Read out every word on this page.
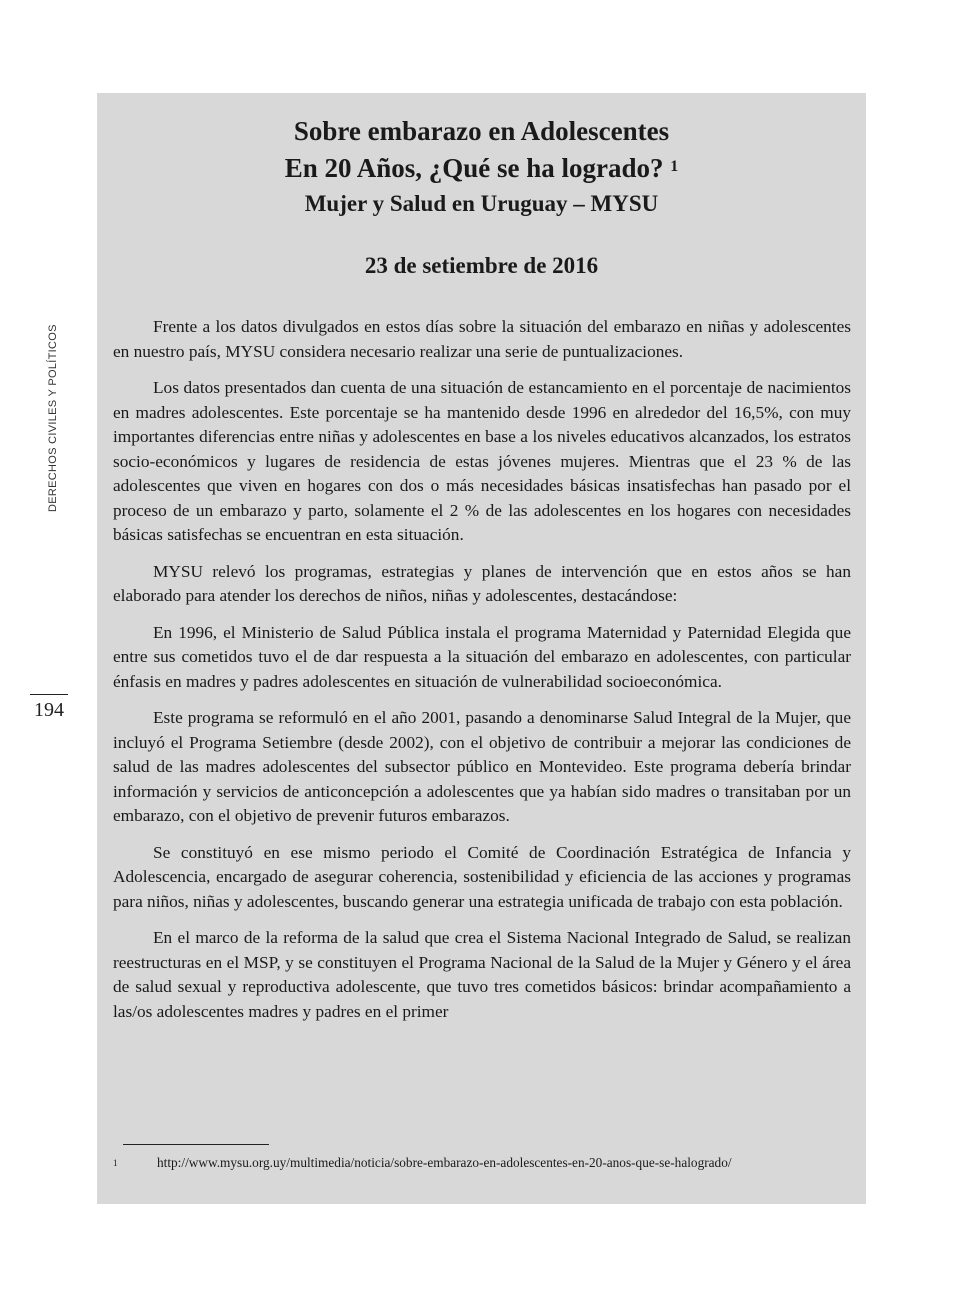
DERECHOS CIVILES Y POLÍTICOS
194
Sobre embarazo en Adolescentes
En 20 Años, ¿Qué se ha logrado? $^1$
Mujer y Salud en Uruguay – MYSU
23 de setiembre de 2016

Frente a los datos divulgados en estos días sobre la situación del embarazo en niñas y adolescentes en nuestro país, MYSU considera necesario realizar una serie de puntualizaciones.

Los datos presentados dan cuenta de una situación de estancamiento en el porcentaje de nacimientos en madres adolescentes. Este porcentaje se ha mantenido desde 1996 en alrededor del 16,5%, con muy importantes diferencias entre niñas y adolescentes en base a los niveles educativos alcanzados, los estratos socio-económicos y lugares de residencia de estas jóvenes mujeres. Mientras que el 23 % de las adolescentes que viven en hogares con dos o más necesidades básicas insatisfechas han pasado por el proceso de un embarazo y parto, solamente el 2 % de las adolescentes en los hogares con necesidades básicas satisfechas se encuentran en esta situación.

MYSU relevó los programas, estrategias y planes de intervención que en estos años se han elaborado para atender los derechos de niños, niñas y adolescentes, destacándose:

En 1996, el Ministerio de Salud Pública instala el programa Maternidad y Paternidad Elegida que entre sus cometidos tuvo el de dar respuesta a la situación del embarazo en adolescentes, con particular énfasis en madres y padres adolescentes en situación de vulnerabilidad socioeconómica.

Este programa se reformuló en el año 2001, pasando a denominarse Salud Integral de la Mujer, que incluyó el Programa Setiembre (desde 2002), con el objetivo de contribuir a mejorar las condiciones de salud de las madres adolescentes del subsector público en Montevideo. Este programa debería brindar información y servicios de anticoncepción a adolescentes que ya habían sido madres o transitaban por un embarazo, con el objetivo de prevenir futuros embarazos.

Se constituyó en ese mismo periodo el Comité de Coordinación Estratégica de Infancia y Adolescencia, encargado de asegurar coherencia, sostenibilidad y eficiencia de las acciones y programas para niños, niñas y adolescentes, buscando generar una estrategia unificada de trabajo con esta población.

En el marco de la reforma de la salud que crea el Sistema Nacional Integrado de Salud, se realizan reestructuras en el MSP, y se constituyen el Programa Nacional de la Salud de la Mujer y Género y el área de salud sexual y reproductiva adolescente, que tuvo tres cometidos básicos: brindar acompañamiento a las/os adolescentes madres y padres en el primer

1	http://www.mysu.org.uy/multimedia/noticia/sobre-embarazo-en-adolescentes-en-20-anos-que-se-halogrado/
